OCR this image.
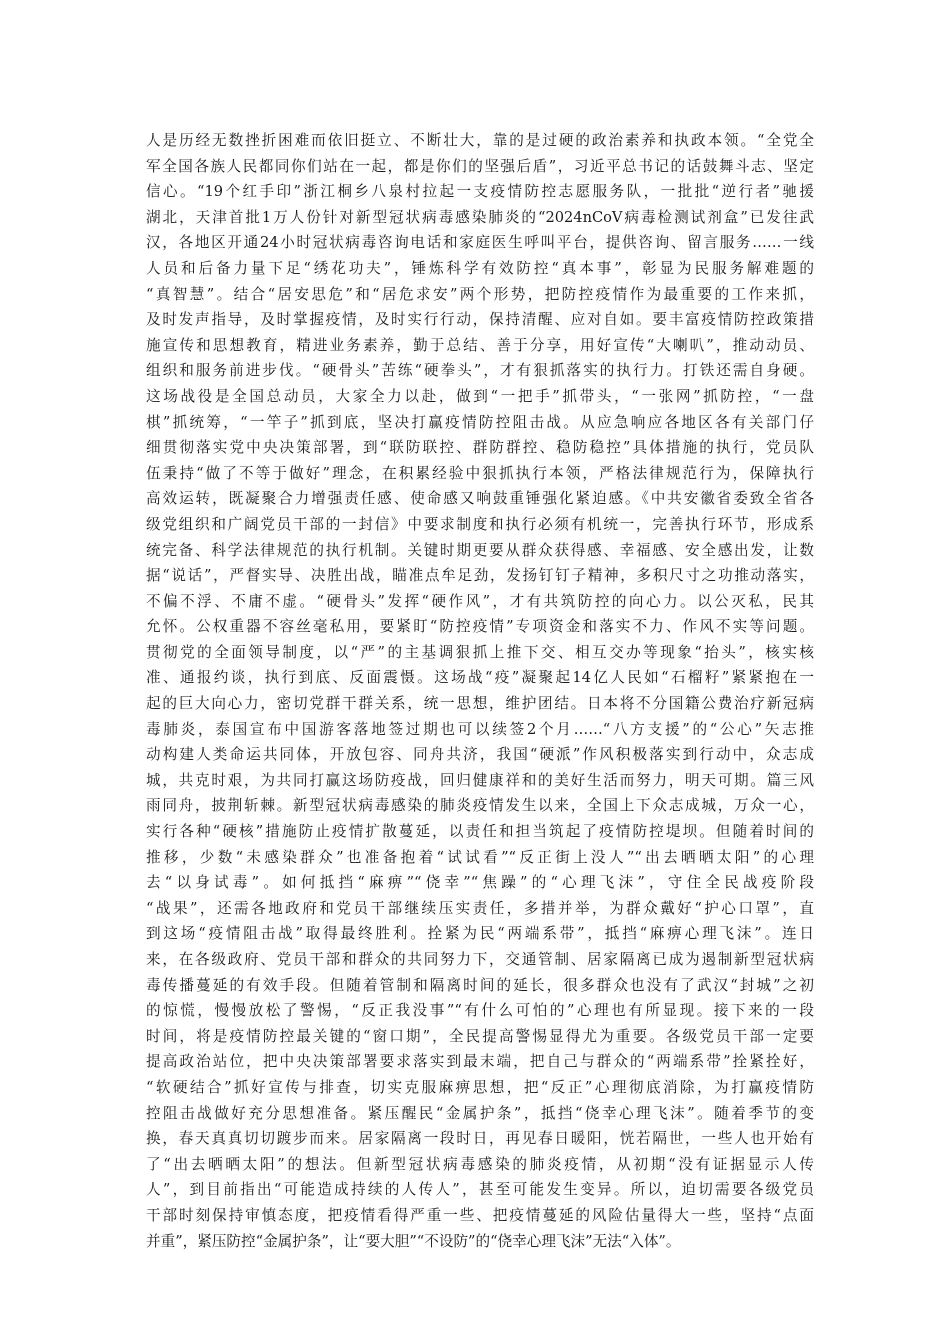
人是历经无数挫折困难而依旧挺立、不断壮大，靠的是过硬的政治素养和执政本领。“全党全
军全国各族人民都同你们站在一起，都是你们的坚强后盾”，习近平总书记的话鼓舞斗志、坚定
信心。“19个红手印”浙江桐乡八泉村拉起一支疫情防控志愿服务队，一批批“逆行者”驰援
湖北，天津首批1万人份针对新型冠状病毒感染肺炎的“2024nCoV病毒检测试剂盒”已发往武
汉，各地区开通24小时冠状病毒咨询电话和家庭医生呼叫平台，提供咨询、留言服务……一线
人员和后备力量下足“绣花功夫”，锤炼科学有效防控“真本事”，彰显为民服务解难题的
“真智慧”。结合“居安思危”和“居危求安”两个形势，把防控疫情作为最重要的工作来抓，
及时发声指导，及时掌握疫情，及时实行行动，保持清醒、应对自如。要丰富疫情防控政策措
施宣传和思想教育，精进业务素养，勤于总结、善于分享，用好宣传“大喇叭”，推动动员、
组织和服务前进步伐。“硬骨头”苦练“硬拳头”，才有狠抓落实的执行力。打铁还需自身硬。
这场战役是全国总动员，大家全力以赴，做到“一把手”抓带头，“一张网”抓防控，“一盘
棋”抓统筹，“一竿子”抓到底，坚决打赢疫情防控阻击战。从应急响应各地区各有关部门仔
细贯彻落实党中央决策部署，到“联防联控、群防群控、稳防稳控”具体措施的执行，党员队
伍秉持“做了不等于做好”理念，在积累经验中狠抓执行本领，严格法律规范行为，保障执行
高效运转，既凝聚合力增强责任感、使命感又响鼓重锤强化紧迫感。《中共安徽省委致全省各
级党组织和广阔党员干部的一封信》中要求制度和执行必须有机统一，完善执行环节，形成系
统完备、科学法律规范的执行机制。关键时期更要从群众获得感、幸福感、安全感出发，让数
据“说话”，严督实导、决胜出战，瞄准点牟足劲，发扬钉钉子精神，多积尺寸之功推动落实，
不偏不浮、不庸不虚。“硬骨头”发挥“硬作风”，才有共筑防控的向心力。以公灭私，民其
允怀。公权重器不容丝毫私用，要紧盯“防控疫情”专项资金和落实不力、作风不实等问题。
贯彻党的全面领导制度，以“严”的主基调狠抓上推下交、相互交办等现象“抬头”，核实核
准、通报约谈，执行到底、反面震慑。这场战“疫”凝聚起14亿人民如“石榴籽”紧紧抱在一
起的巨大向心力，密切党群干群关系，统一思想，维护团结。日本将不分国籍公费治疗新冠病
毒肺炎，泰国宣布中国游客落地签过期也可以续签2个月……“八方支援”的“公心”矢志推
动构建人类命运共同体，开放包容、同舟共济，我国“硬派”作风积极落实到行动中，众志成
城，共克时艰，为共同打赢这场防疫战，回归健康祥和的美好生活而努力，明天可期。篇三风
雨同舟，披荆斩棘。新型冠状病毒感染的肺炎疫情发生以来，全国上下众志成城，万众一心，
实行各种“硬核”措施防止疫情扩散蔓延，以责任和担当筑起了疫情防控堤坝。但随着时间的
推移，少数“未感染群众”也准备抱着“试试看”“反正街上没人”“出去晒晒太阳”的心理
去“以身试毒”。如何抵挡“麻痹”“侥幸”“焦躁”的“心理飞沫”，守住全民战疫阶段
“战果”，还需各地政府和党员干部继续压实责任，多措并举，为群众戴好“护心口罩”，直
到这场“疫情阻击战”取得最终胜利。拴紧为民“两端系带”，抵挡“麻痹心理飞沫”。连日
来，在各级政府、党员干部和群众的共同努力下，交通管制、居家隔离已成为遏制新型冠状病
毒传播蔓延的有效手段。但随着管制和隔离时间的延长，很多群众也没有了武汉“封城”之初
的惊慌，慢慢放松了警惕，“反正我没事”“有什么可怕的”心理也有所显现。接下来的一段
时间，将是疫情防控最关键的“窗口期”，全民提高警惕显得尤为重要。各级党员干部一定要
提高政治站位，把中央决策部署要求落实到最末端，把自己与群众的“两端系带”拴紧拴好，
“软硬结合”抓好宣传与排查，切实克服麻痹思想，把“反正”心理彻底消除，为打赢疫情防
控阻击战做好充分思想准备。紧压醒民“金属护条”，抵挡“侥幸心理飞沫”。随着季节的变
换，春天真真切切踱步而来。居家隔离一段时日，再见春日暖阳，恍若隔世，一些人也开始有
了“出去晒晒太阳”的想法。但新型冠状病毒感染的肺炎疫情，从初期“没有证据显示人传
人”，到目前指出“可能造成持续的人传人”，甚至可能发生变异。所以，迫切需要各级党员
干部时刻保持审慎态度，把疫情看得严重一些、把疫情蔓延的风险估量得大一些，坚持“点面
并重”，紧压防控“金属护条”，让“要大胆”“不设防”的“侥幸心理飞沫”无法“入体”。
